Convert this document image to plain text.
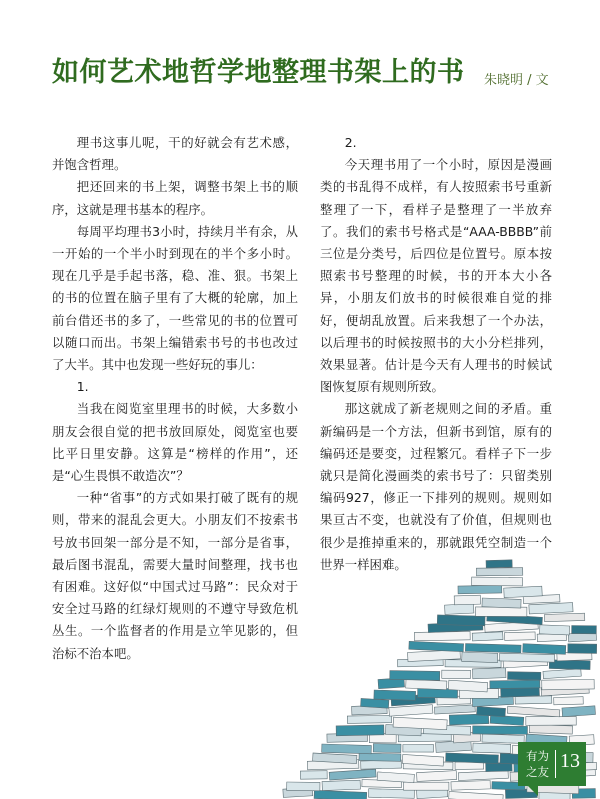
如何艺术地哲学地整理书架上的书 朱晓明 / 文

理书这事儿呢，干的好就会有艺术感，并饱含哲理。

把还回来的书上架，调整书架上书的顺序，这就是理书基本的程序。

每周平均理书3小时，持续月半有余，从一开始的一个半小时到现在的半个多小时。现在几乎是手起书落，稳、准、狠。书架上的书的位置在脑子里有了大概的轮廓，加上前台借还书的多了，一些常见的书的位置可以随口而出。书架上编错索书号的书也改过了大半。其中也发现一些好玩的事儿：

1.

当我在阅览室里理书的时候，大多数小朋友会很自觉的把书放回原处，阅览室也要比平日里安静。这算是“榜样的作用”，还是“心生畏惧不敢造次”？

一种“省事”的方式如果打破了既有的规则，带来的混乱会更大。小朋友们不按索书号放书回架一部分是不知，一部分是省事，最后图书混乱，需要大量时间整理，找书也有困难。这好似“中国式过马路”：民众对于安全过马路的红绿灯规则的不遵守导致危机丛生。一个监督者的作用是立竿见影的，但治标不治本吧。

2.

今天理书用了一个小时，原因是漫画类的书乱得不成样，有人按照索书号重新整理了一下，看样子是整理了一半放弃了。我们的索书号格式是“AAA-BBBB”前三位是分类号，后四位是位置号。原本按照索书号整理的时候，书的开本大小各异，小朋友们放书的时候很难自觉的排好，便胡乱放置。后来我想了一个办法，以后理书的时候按照书的大小分栏排列，效果显著。估计是今天有人理书的时候试图恢复原有规则所致。

那这就成了新老规则之间的矛盾。重新编码是一个方法，但新书到馆，原有的编码还是要变，过程繁冗。看样子下一步就只是简化漫画类的索书号了：只留类别编码927，修正一下排列的规则。规则如果亘古不变，也就没有了价值，但规则也很少是推掉重来的，那就跟凭空制造一个世界一样困难。

有为之友 13
